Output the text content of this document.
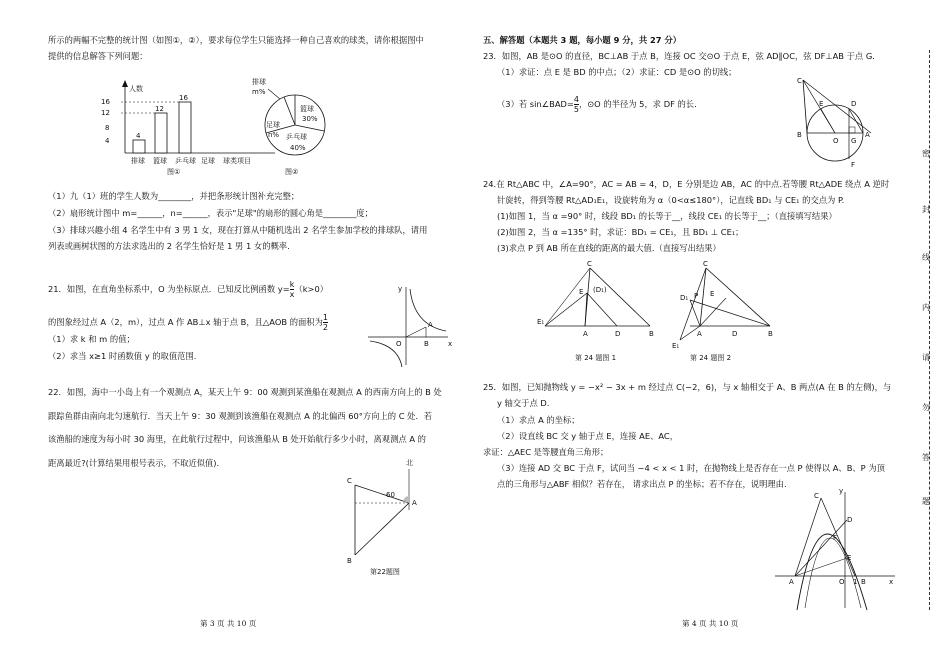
所示的两幅不完整的统计图（如图①，②），要求每位学生只能选择一种自己喜欢的球类，请你根据图中
提供的信息解答下列问题：
人数
16
12
8
4
4
12
16
排球 篮球 乒乓球 足球 球类项目
图①
排球
m%
篮球
30%
足球
n% 乒乓球
40%
图②
（1）九（1）班的学生人数为________，并把条形统计图补充完整；
（2）扇形统计图中 m=______，n=______，表示"足球"的扇形的圆心角是________度；
（3）排球兴趣小组 4 名学生中有 3 男 1 女，现在打算从中随机选出 2 名学生参加学校的排球队，请用
列表或画树状图的方法求选出的 2 名学生恰好是 1 男 1 女的概率.
21．如图，在直角坐标系中，O 为坐标原点．已知反比例函数 $y= \frac{k}{x} (k>0)$
的图象经过点 A（2，m），过点 A 作 AB⊥x 轴于点 B，且△AOB 的面积为 $\frac{1}{2}$
（1）求 k 和 m 的值；
（2）求当 x≥1 时函数值 y 的取值范围.
y
A
O	B	x
22．如图，海中一小岛上有一个观测点 A，某天上午 9：00 观测到某渔船在观测点 A 的西南方向上的 B 处
跟踪鱼群由南向北匀速航行．当天上午 9：30 观测到该渔船在观测点 A 的北偏西 60°方向上的 C 处．若
该渔船的速度为每小时 30 海里，在此航行过程中，问该渔船从 B 处开始航行多少小时，离观测点 A 的
距离最近?(计算结果用根号表示，不取近似值)．	北
60
C
A
B
第22题图
第 3 页 共 10 页
五、解答题（本题共 3 题，每小题 9 分，共 27 分）
23．如图，AB 是⊙O 的直径，BC⊥AB 于点 B，连接 OC 交⊙O 于点 E，弦 AD∥OC，弦 DF⊥AB 于点 G.
（1）求证：点 E 是 BD 的中点；（2）求证：CD 是⊙O 的切线；
（3）若 sin∠BAD= $\frac{4}{5}$ ，⊙O 的半径为 5，求 DF 的长.
C
E	D
B
O G
A
F
24.在 Rt△ABC 中，∠A=90°，AC = AB = 4，D，E 分别是边 AB，AC 的中点.若等腰 Rt△ADE 绕点 A 逆时
针旋转，得到等腰 Rt△AD₁E₁，设旋转角为 α（0<α≤180°），记直线 BD₁ 与 CE₁ 的交点为 P.
(1)如图 1，当 α =90° 时，线段 BD₁ 的长等于__，线段 CE₁ 的长等于__；（直接填写结果）
(2)如图 2，当 α =135° 时，求证：BD₁ = CE₁，且 BD₁ ⊥ CE₁；
(3)求点 P 到 AB 所在直线的距离的最大值.（直接写出结果）
C
E (D₁)
E₁
A	D	B
第 24 题图 1
C
D₁ P E
E₁
A	D	B
第 24 题图 2
25．如图，已知抛物线 y = −x² − 3x + m 经过点 C(−2，6)，与 x 轴相交于 A、B 两点(A 在 B 的左侧)，与
y 轴交于点 D.
（1）求点 A 的坐标；
（2）设直线 BC 交 y 轴于点 E，连接 AE、AC，
求证：△AEC 是等腰直角三角形；
（3）连接 AD 交 BC 于点 F，试问当 −4 < x < 1 时，在抛物线上是否存在一点 P 使得以 A、B、P 为顶
点的三角形与△ABF 相似？若存在， 请求出点 P 的坐标；若不存在，说明理由.
C
y
D
F
E
A	O 1 B	x
第 4 页 共 10 页
密
封
线
内
请
勿
答
题
